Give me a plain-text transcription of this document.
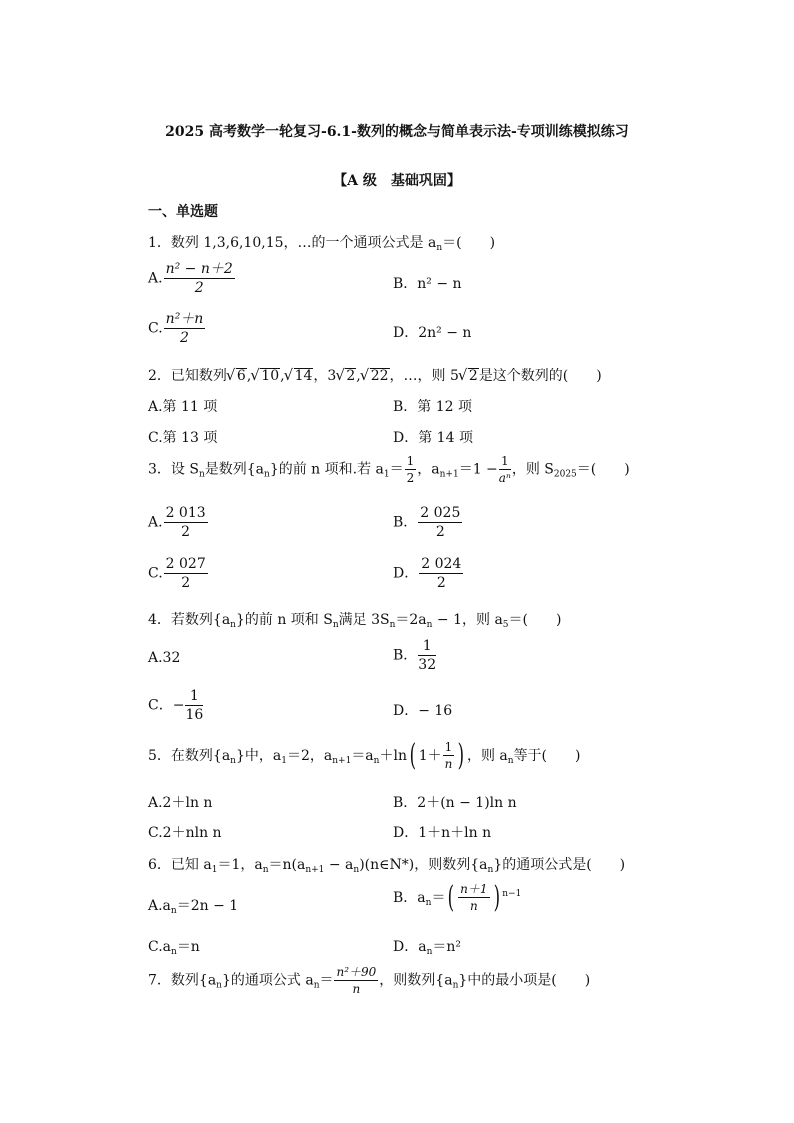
2025 高考数学一轮复习-6.1-数列的概念与简单表示法-专项训练模拟练习
【A 级　基础巩固】
一、单选题
1．数列 1,3,6,10,15，…的一个通项公式是 $a_n=$(　　)
A. $\frac{\text{n² − n＋2}}{2}$	B．n² − n
C. $\frac{\text{n²＋n}}{2}$	D．2n² − n
2．已知数列 √ 6, √ 10, √ 14，3 √ 2, √ 22，…，则 5 √ 2是这个数列的(　　)
A.第 11 项	B．第 12 项
C.第 13 项	D．第 14 项
3．设 $S_n$是数列$\{a_n\}$的前 n 项和.若 $a_1= \frac{1}{2}$ ，$a_{n+1}=1 - \frac{1}{\text{aⁿ}}$ ，则 $S_{2025}=$(　　)
A. $\frac{2 013}{2}$	B． $\frac{2 025}{2}$
C. $\frac{2 027}{2}$	D． $\frac{2 024}{2}$
4．若数列$\{a_n\}$的前 n 项和 $S_n$满足 $3S_n=2a_n - 1$，则 $a_5=$(　　)
A.32	B． $\frac{1}{32}$
C．− $\frac{1}{16}$	D．− 16
5．在数列$\{a_n\}$中，$a_1=2$，$a_{n+1}=a_n+\ln$( $1+ \frac{1}{n}$ ) ，则 $a_n$等于(　　)
A.2＋ln n	B．2＋(n − 1)ln n
C.2＋nln n	D．1＋n＋ln n
6．已知 $a_1=1$，$a_n=n(a_{n+1}$ − $a_n)(n\in N*)$，则数列$\{a_n\}$的通项公式是(　　)
$A.a_n=2n - 1$	B．$a_n=( \frac{n+1}{n}$ ) $^{n-1}$
$C.a_n=n$	D．$a_n=n^2$
7．数列$\{a_n\}$的通项公式 $a_n= \frac{\text{n²＋90}}{n}$ ，则数列$\{a_n\}$中的最小项是(　　)
